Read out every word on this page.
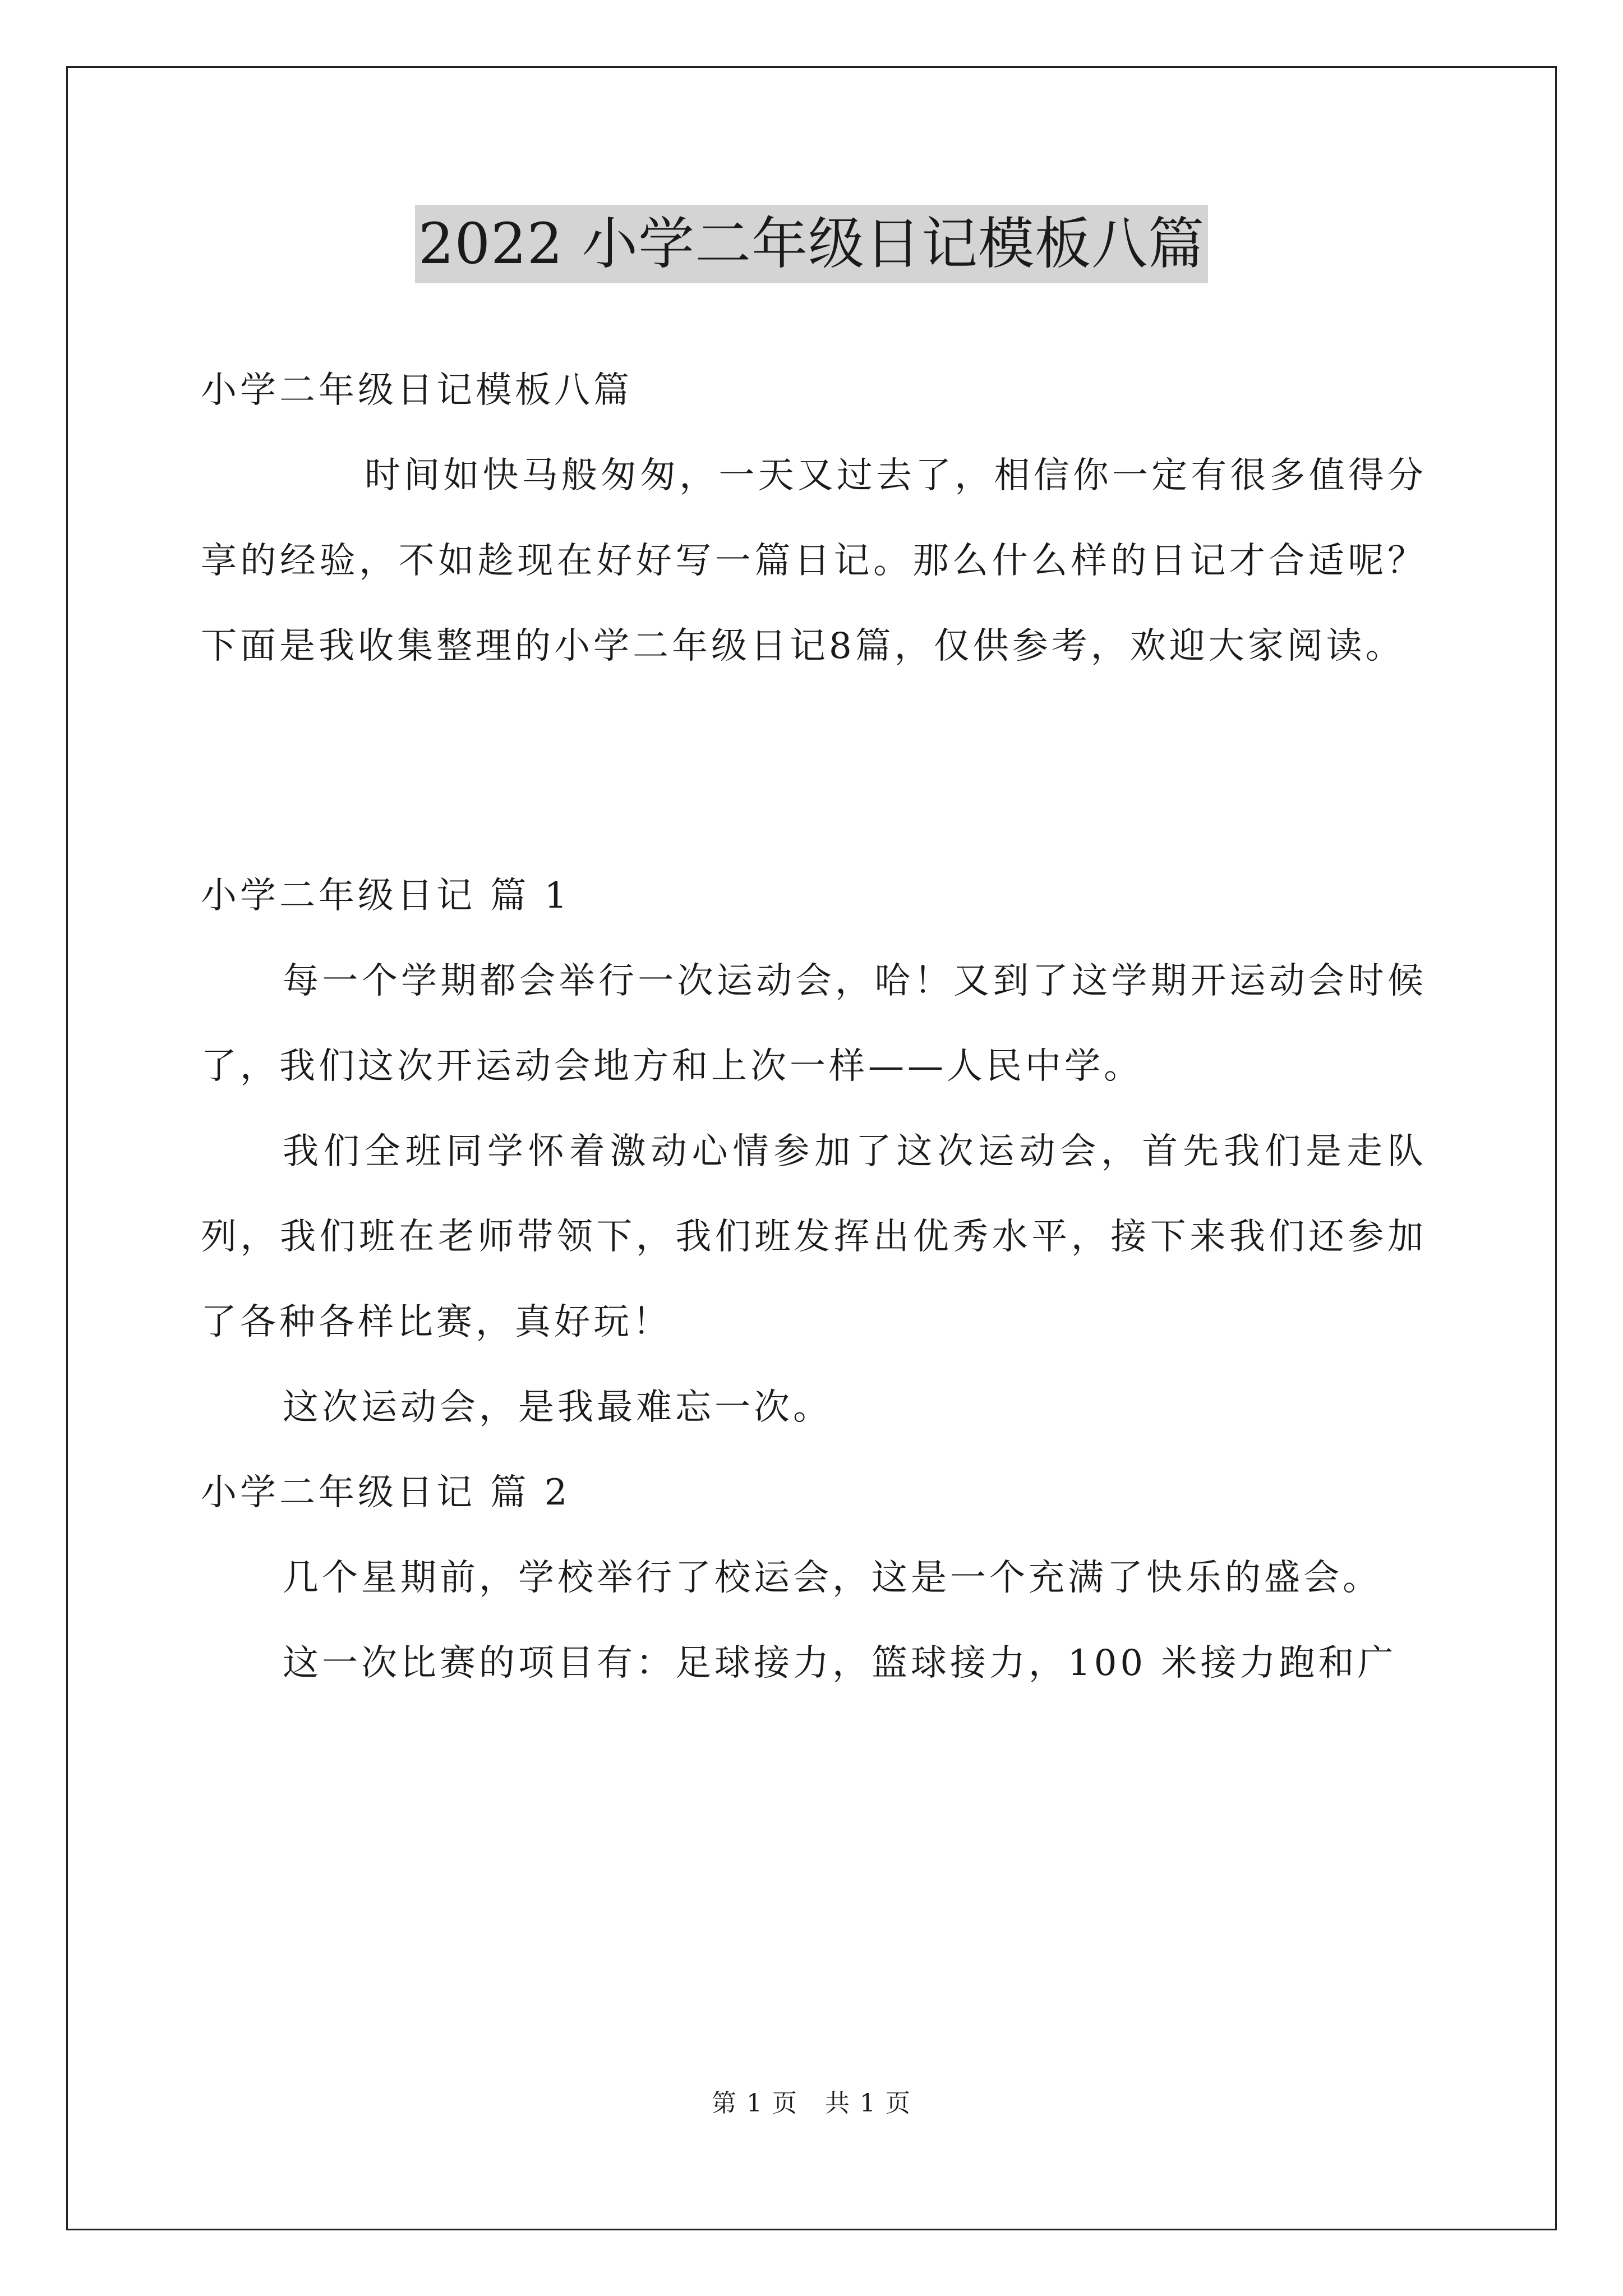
2022 小学二年级日记模板八篇

小学二年级日记模板八篇

时间如快马般匆匆，一天又过去了，相信你一定有很多值得分享的经验，不如趁现在好好写一篇日记。那么什么样的日记才合适呢？下面是我收集整理的小学二年级日记8篇，仅供参考，欢迎大家阅读。

小学二年级日记 篇 1

每一个学期都会举行一次运动会，哈！又到了这学期开运动会时候了，我们这次开运动会地方和上次一样——人民中学。

我们全班同学怀着激动心情参加了这次运动会，首先我们是走队列，我们班在老师带领下，我们班发挥出优秀水平，接下来我们还参加了各种各样比赛，真好玩！

这次运动会，是我最难忘一次。

小学二年级日记 篇 2

几个星期前，学校举行了校运会，这是一个充满了快乐的盛会。

这一次比赛的项目有：足球接力，篮球接力，100 米接力跑和广

第 1 页 共 1 页
